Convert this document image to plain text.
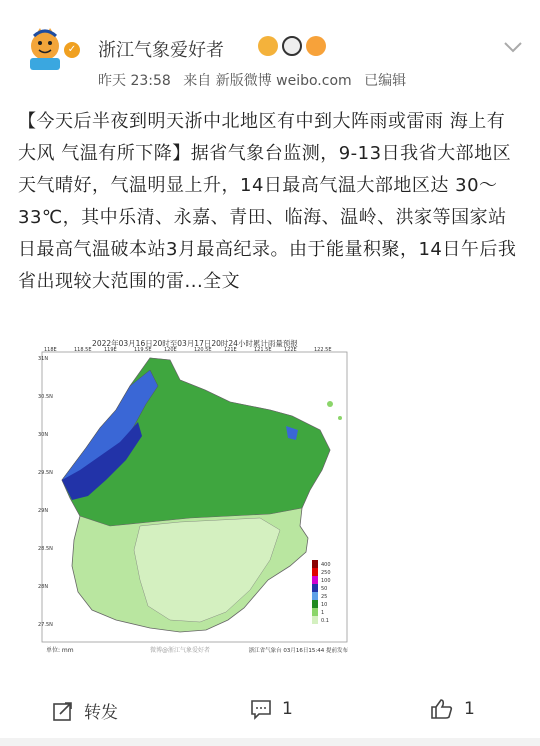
✓	浙江气象爱好者
昨天 23:58 来自 新版微博 weibo.com 已编辑
【今天后半夜到明天浙中北地区有中到大阵雨或雷雨 海上有大风 气温有所下降】据省气象台监测，9-13日我省大部地区天气晴好，气温明显上升，14日最高气温大部地区达 30～33℃，其中乐清、永嘉、青田、临海、温岭、洪家等国家站日最高气温破本站3月最高纪录。由于能量积聚，14日午后我省出现较大范围的雷...全文
2022年03月16日20时至03月17日20时24小时累计雨量预报
31N
30.5N
30N
29.5N
29N
28.5N
28N
27.5N
118E	118.5E	119E	119.5E	120E	120.5E	121E	121.5E	122E	122.5E
400
250
100
50
25
10
1
0.1
单位: mm	微博@浙江气象爱好者	浙江省气象台 03月16日15:44 提前发布
转发	1	1
